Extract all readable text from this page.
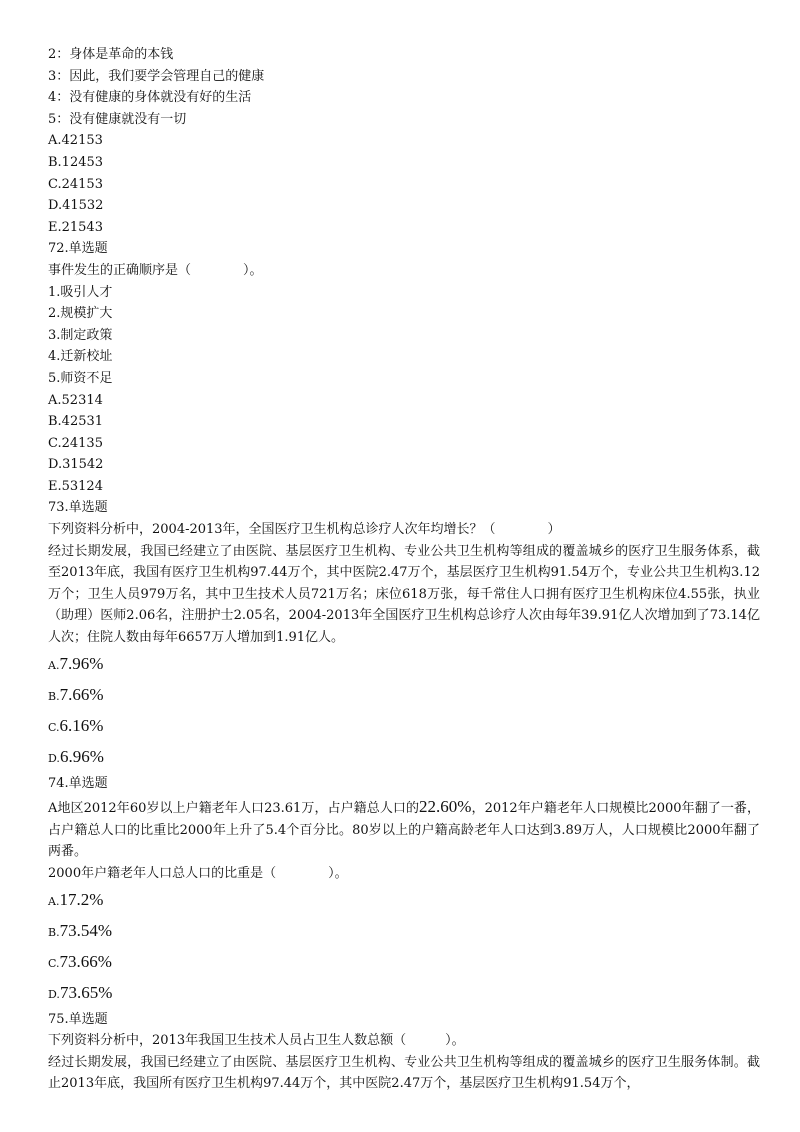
2：身体是革命的本钱
3：因此，我们要学会管理自己的健康
4：没有健康的身体就没有好的生活
5：没有健康就没有一切
A.42153
B.12453
C.24153
D.41532
E.21543
72.单选题
事件发生的正确顺序是（　　　　）。
1.吸引人才
2.规模扩大
3.制定政策
4.迁新校址
5.师资不足
A.52314
B.42531
C.24135
D.31542
E.53124
73.单选题
下列资料分析中，2004-2013年，全国医疗卫生机构总诊疗人次年均增长？（　　　　）
经过长期发展，我国已经建立了由医院、基层医疗卫生机构、专业公共卫生机构等组成的覆盖城乡的医疗卫生服务体系，截至2013年底，我国有医疗卫生机构97.44万个，其中医院2.47万个，基层医疗卫生机构91.54万个，专业公共卫生机构3.12万个；卫生人员979万名，其中卫生技术人员721万名；床位618万张，每千常住人口拥有医疗卫生机构床位4.55张，执业（助理）医师2.06名，注册护士2.05名，2004-2013年全国医疗卫生机构总诊疗人次由每年39.91亿人次增加到了73.14亿人次；住院人数由每年6657万人增加到1.91亿人。
A.7.96%
B.7.66%
C.6.16%
D.6.96%
74.单选题
A地区2012年60岁以上户籍老年人口23.61万，占户籍总人口的22.60%，2012年户籍老年人口规模比2000年翻了一番，占户籍总人口的比重比2000年上升了5.4个百分比。80岁以上的户籍高龄老年人口达到3.89万人，人口规模比2000年翻了两番。
2000年户籍老年人口总人口的比重是（　　　　）。
A.17.2%
B.73.54%
C.73.66%
D.73.65%
75.单选题
下列资料分析中，2013年我国卫生技术人员占卫生人数总额（　　　）。
经过长期发展，我国已经建立了由医院、基层医疗卫生机构、专业公共卫生机构等组成的覆盖城乡的医疗卫生服务体制。截止2013年底，我国所有医疗卫生机构97.44万个，其中医院2.47万个，基层医疗卫生机构91.54万个，
